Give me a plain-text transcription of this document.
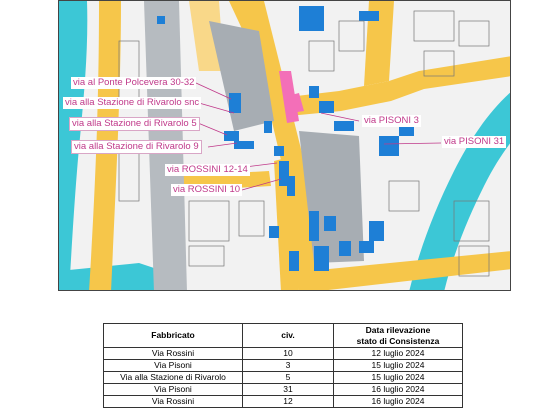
via al Ponte Polcevera 30-32
via alla Stazione di Rivarolo snc
via alla Stazione di Rivarolo 5
via alla Stazione di Rivarolo 9
via ROSSINI 12-14
via ROSSINI 10
via PISONI 3
via PISONI 31
Fabbricato	civ.	Data rilevazione
stato di Consistenza
Via Rossini	10	12 luglio 2024
Via Pisoni	3	15 luglio 2024
Via alla Stazione di Rivarolo	5	15 luglio 2024
Via Pisoni	31	16 luglio 2024
Via Rossini	12	16 luglio 2024
